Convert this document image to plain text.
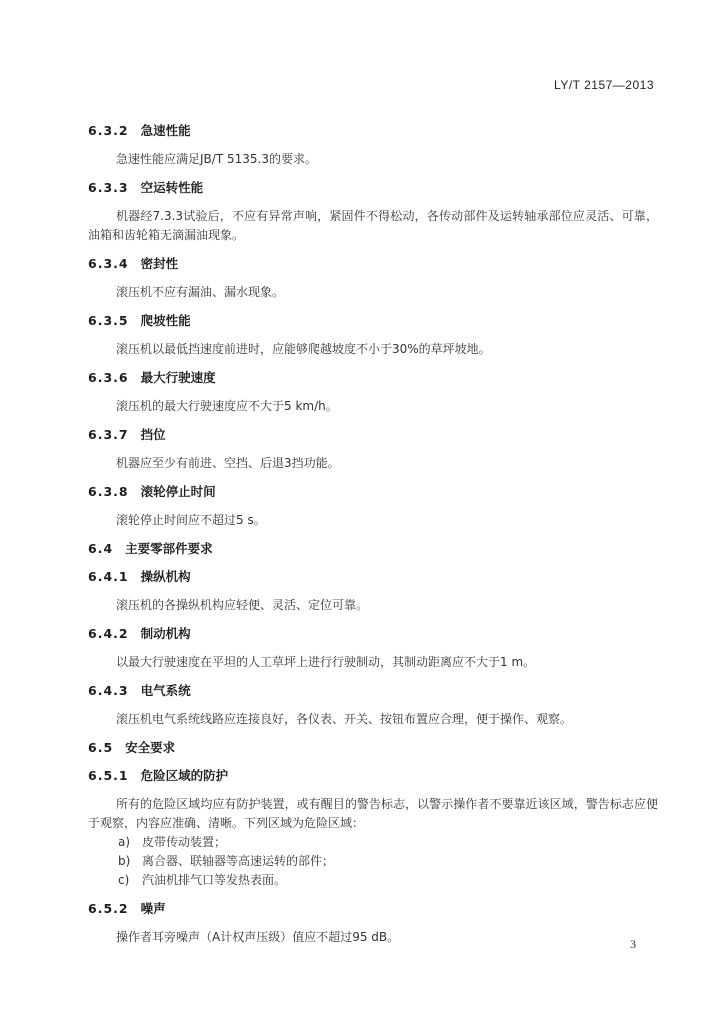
LY/T 2157—2013
6.3.2 急速性能
急速性能应满足JB/T 5135.3的要求。
6.3.3 空运转性能
机器经7.3.3试验后，不应有异常声响，紧固件不得松动，各传动部件及运转轴承部位应灵活、可靠，油箱和齿轮箱无滴漏油现象。
6.3.4 密封性
滚压机不应有漏油、漏水现象。
6.3.5 爬坡性能
滚压机以最低挡速度前进时，应能够爬越坡度不小于30%的草坪坡地。
6.3.6 最大行驶速度
滚压机的最大行驶速度应不大于5 km/h。
6.3.7 挡位
机器应至少有前进、空挡、后退3挡功能。
6.3.8 滚轮停止时间
滚轮停止时间应不超过5 s。
6.4 主要零部件要求
6.4.1 操纵机构
滚压机的各操纵机构应轻便、灵活、定位可靠。
6.4.2 制动机构
以最大行驶速度在平坦的人工草坪上进行行驶制动，其制动距离应不大于1 m。
6.4.3 电气系统
滚压机电气系统线路应连接良好，各仪表、开关、按钮布置应合理，便于操作、观察。
6.5 安全要求
6.5.1 危险区域的防护
所有的危险区域均应有防护装置，或有醒目的警告标志，以警示操作者不要靠近该区域，警告标志应便于观察，内容应准确、清晰。下列区域为危险区域：
a) 皮带传动装置；
b) 离合器、联轴器等高速运转的部件；
c) 汽油机排气口等发热表面。
6.5.2 噪声
操作者耳旁噪声（A计权声压级）值应不超过95 dB。	3
